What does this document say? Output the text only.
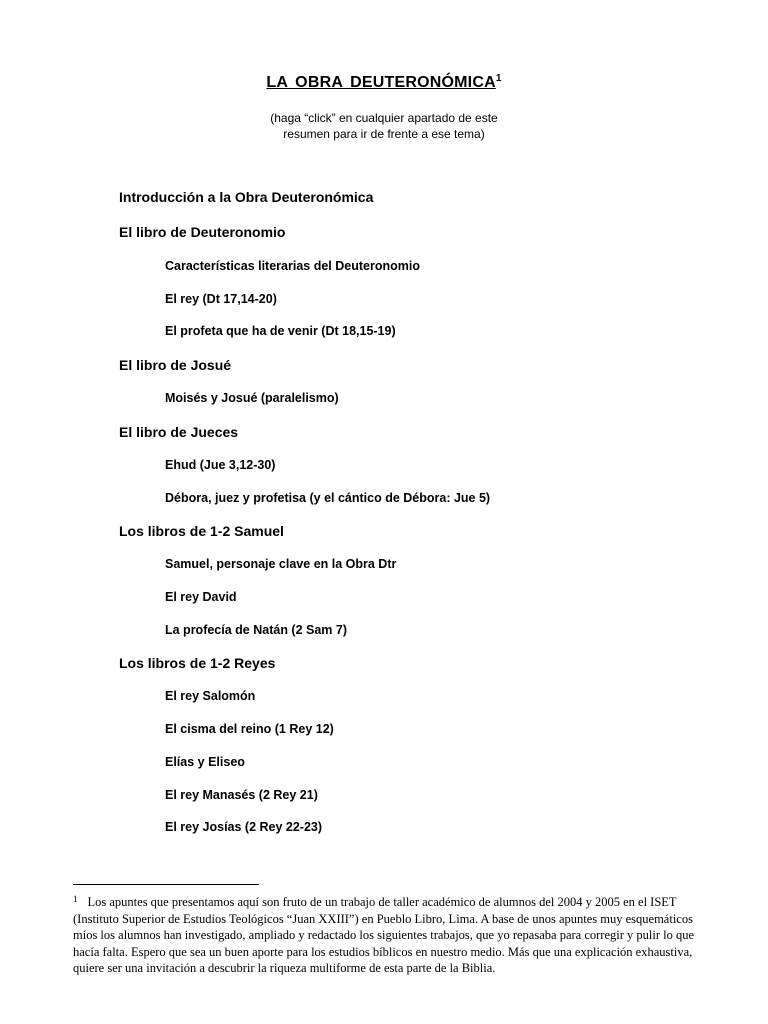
LA OBRA DEUTERONÓMICA$^1$
(haga “click” en cualquier apartado de este
resumen para ir de frente a ese tema)
Introducción a la Obra Deuteronómica
El libro de Deuteronomio
Características literarias del Deuteronomio
El rey (Dt 17,14-20)
El profeta que ha de venir (Dt 18,15-19)
El libro de Josué
Moisés y Josué (paralelismo)
El libro de Jueces
Ehud (Jue 3,12-30)
Débora, juez y profetisa (y el cántico de Débora: Jue 5)
Los libros de 1-2 Samuel
Samuel, personaje clave en la Obra Dtr
El rey David
La profecía de Natán (2 Sam 7)
Los libros de 1-2 Reyes
El rey Salomón
El cisma del reino (1 Rey 12)
Elías y Eliseo
El rey Manasés (2 Rey 21)
El rey Josías (2 Rey 22-23)
$^1$ Los apuntes que presentamos aquí son fruto de un trabajo de taller académico de alumnos del 2004 y 2005 en el ISET (Instituto Superior de Estudios Teológicos “Juan XXIII”) en Pueblo Libro, Lima. A base de unos apuntes muy esquemáticos míos los alumnos han investigado, ampliado y redactado los siguientes trabajos, que yo repasaba para corregir y pulir lo que hacía falta. Espero que sea un buen aporte para los estudios bíblicos en nuestro medio. Más que una explicación exhaustiva, quiere ser una invitación a descubrir la riqueza multiforme de esta parte de la Biblia.
